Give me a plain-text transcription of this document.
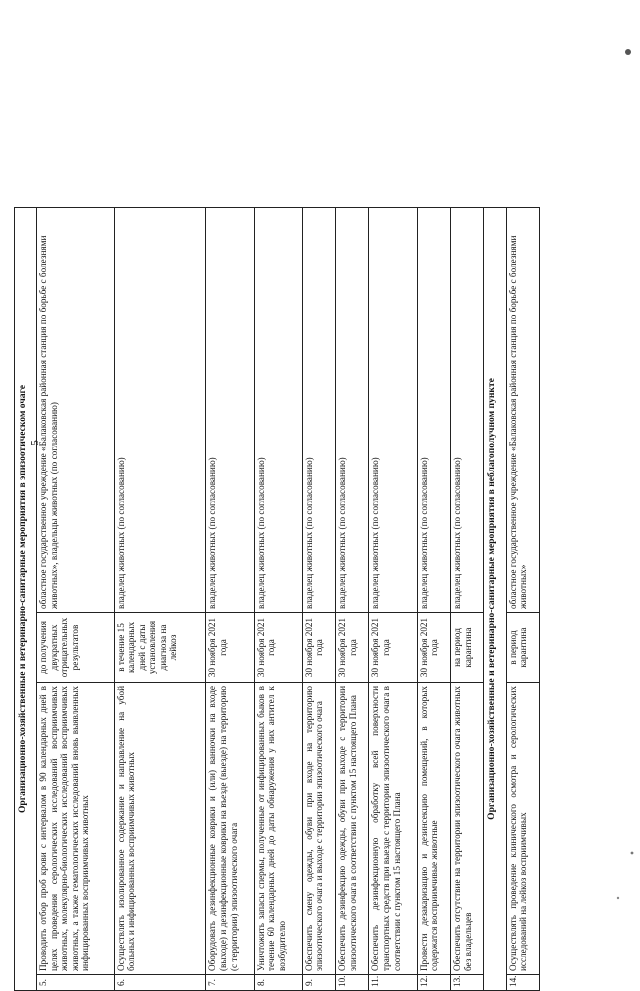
5
Организационно-хозяйственные и ветеринарно-санитарные мероприятия в эпизоотическом очаге			
5.	Проводить отбор проб крови с интервалом в 90 календарных дней в целях проведения серологических исследований восприимчивых животных, молекулярно-биологических исследований восприимчивых животных, а также гематологических исследований вновь выявленных инфицированных восприимчивых животных	до получения двукратных отрицательных результатов	областное государственное учреждение «Балаковская районная станция по борьбе с болезнями животных», владельцы животных (по согласованию)
6.	Осуществлять изолированное содержание и направление на убой больных и инфицированных восприимчивых животных	в течение 15 календарных дней с даты установления диагноза на лейкоз	владелец животных (по согласованию)
7.	Оборудовать дезинфекционные коврики и (или) ванночки на входе (выходе) и дезинфекционные коврики на въезде (выезде) на территорию (с территории) эпизоотического очага	30 ноября 2021 года	владелец животных (по согласованию)
8.	Уничтожить запасы спермы, полученные от инфицированных быков в течение 60 календарных дней до даты обнаружения у них антител к возбудителю	30 ноября 2021 года	владелец животных (по согласованию)
9.	Обеспечить смену одежды, обуви при входе на территорию эпизоотического очага и выходе с территории эпизоотического очага	30 ноября 2021 года	владелец животных (по согласованию)
10.	Обеспечить дезинфекцию одежды, обуви при выходе с территории эпизоотического очага в соответствии с пунктом 15 настоящего Плана	30 ноября 2021 года	владелец животных (по согласованию)
11.	Обеспечить дезинфекционную обработку всей поверхности транспортных средств при выезде с территории эпизоотического очага в соответствии с пунктом 15 настоящего Плана	30 ноября 2021 года	владелец животных (по согласованию)
12.	Провести дезакаризацию и дезинсекцию помещений, в которых содержатся восприимчивые животные	30 ноября 2021 года	владелец животных (по согласованию)
13.	Обеспечить отсутствие на территории эпизоотического очага животных без владельцев	на период карантина	владелец животных (по согласованию)
Организационно-хозяйственные и ветеринарно-санитарные мероприятия в неблагополучном пункте			
14.	Осуществлять проведение клинического осмотра и серологических исследований на лейкоз восприимчивых	в период карантина	областное государственное учреждение «Балаковская районная станция по борьбе с болезнями животных»
